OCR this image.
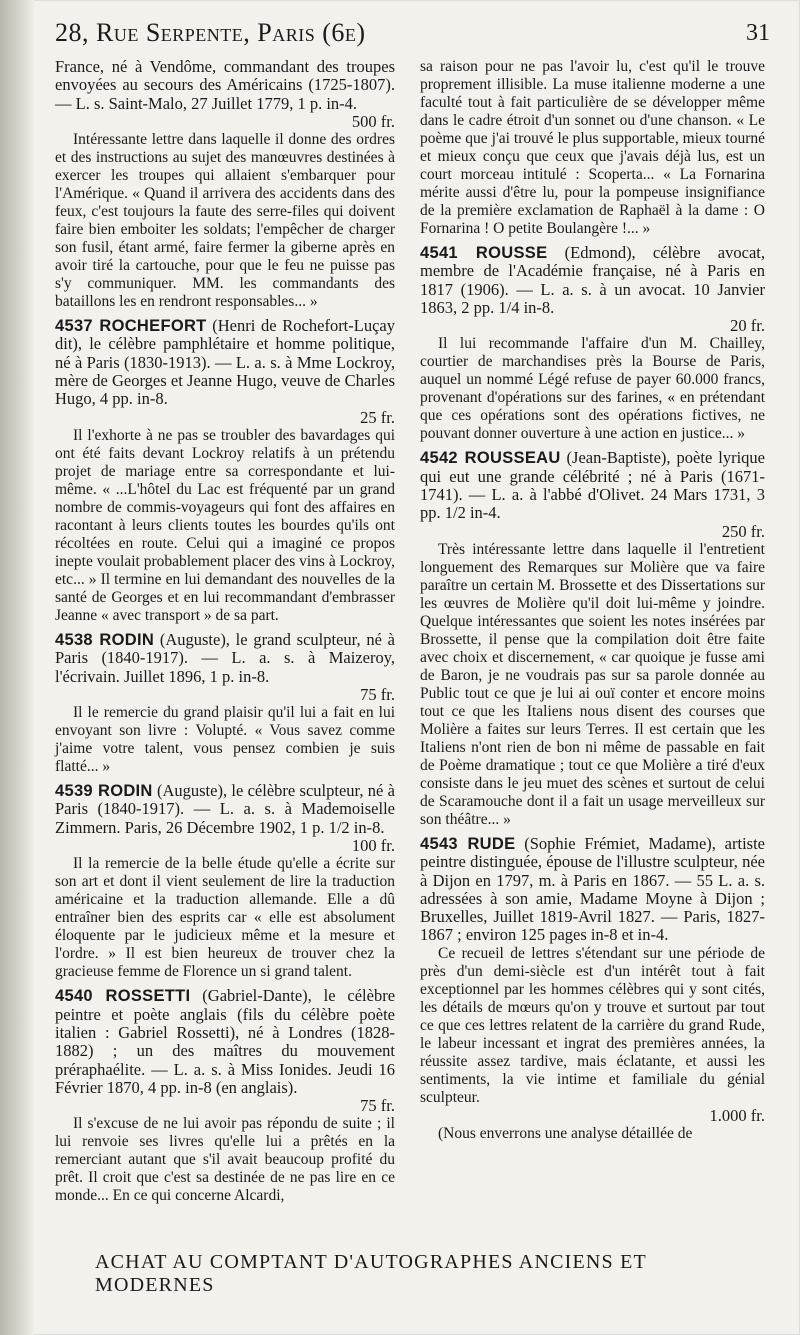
28, Rue Serpente, Paris (6e)	31
France, né à Vendôme, commandant des troupes envoyées au secours des Américains (1725-1807). — L. s. Saint-Malo, 27 Juillet 1779, 1 p. in-4.
500 fr.
Intéressante lettre dans laquelle il donne des ordres et des instructions au sujet des manœuvres destinées à exercer les troupes qui allaient s'embarquer pour l'Amérique. « Quand il arrivera des accidents dans des feux, c'est toujours la faute des serre-files qui doivent faire bien emboiter les soldats; l'empêcher de charger son fusil, étant armé, faire fermer la giberne après en avoir tiré la cartouche, pour que le feu ne puisse pas s'y communiquer. MM. les commandants des bataillons les en rendront responsables... »
4537 ROCHEFORT (Henri de Rochefort-Luçay dit), le célèbre pamphlétaire et homme politique, né à Paris (1830-1913). — L. a. s. à Mme Lockroy, mère de Georges et Jeanne Hugo, veuve de Charles Hugo, 4 pp. in-8.
25 fr.
Il l'exhorte à ne pas se troubler des bavardages qui ont été faits devant Lockroy relatifs à un prétendu projet de mariage entre sa correspondante et lui-même. « ...L'hôtel du Lac est fréquenté par un grand nombre de commis-voyageurs qui font des affaires en racontant à leurs clients toutes les bourdes qu'ils ont récoltées en route. Celui qui a imaginé ce propos inepte voulait probablement placer des vins à Lockroy, etc... » Il termine en lui demandant des nouvelles de la santé de Georges et en lui recommandant d'embrasser Jeanne « avec transport » de sa part.
4538 RODIN (Auguste), le grand sculpteur, né à Paris (1840-1917). — L. a. s. à Maizeroy, l'écrivain. Juillet 1896, 1 p. in-8.
75 fr.
Il le remercie du grand plaisir qu'il lui a fait en lui envoyant son livre : Volupté. « Vous savez comme j'aime votre talent, vous pensez combien je suis flatté... »
4539 RODIN (Auguste), le célèbre sculpteur, né à Paris (1840-1917). — L. a. s. à Mademoiselle Zimmern. Paris, 26 Décembre 1902, 1 p. 1/2 in-8.
100 fr.
Il la remercie de la belle étude qu'elle a écrite sur son art et dont il vient seulement de lire la traduction américaine et la traduction allemande. Elle a dû entraîner bien des esprits car « elle est absolument éloquente par le judicieux même et la mesure et l'ordre. » Il est bien heureux de trouver chez la gracieuse femme de Florence un si grand talent.
4540 ROSSETTI (Gabriel-Dante), le célèbre peintre et poète anglais (fils du célèbre poète italien : Gabriel Rossetti), né à Londres (1828-1882) ; un des maîtres du mouvement préraphaélite. — L. a. s. à Miss Ionides. Jeudi 16 Février 1870, 4 pp. in-8 (en anglais).
75 fr.
Il s'excuse de ne lui avoir pas répondu de suite ; il lui renvoie ses livres qu'elle lui a prêtés en la remerciant autant que s'il avait beaucoup profité du prêt. Il croit que c'est sa destinée de ne pas lire en ce monde... En ce qui concerne Alcardi,
sa raison pour ne pas l'avoir lu, c'est qu'il le trouve proprement illisible. La muse italienne moderne a une faculté tout à fait particulière de se développer même dans le cadre étroit d'un sonnet ou d'une chanson. « Le poème que j'ai trouvé le plus supportable, mieux tourné et mieux conçu que ceux que j'avais déjà lus, est un court morceau intitulé : Scoperta... « La Fornarina mérite aussi d'être lu, pour la pompeuse insignifiance de la première exclamation de Raphaël à la dame : O Fornarina ! O petite Boulangère !... »
4541 ROUSSE (Edmond), célèbre avocat, membre de l'Académie française, né à Paris en 1817 (1906). — L. a. s. à un avocat. 10 Janvier 1863, 2 pp. 1/4 in-8.
20 fr.
Il lui recommande l'affaire d'un M. Chailley, courtier de marchandises près la Bourse de Paris, auquel un nommé Légé refuse de payer 60.000 francs, provenant d'opérations sur des farines, « en prétendant que ces opérations sont des opérations fictives, ne pouvant donner ouverture à une action en justice... »
4542 ROUSSEAU (Jean-Baptiste), poète lyrique qui eut une grande célébrité ; né à Paris (1671-1741). — L. a. à l'abbé d'Olivet. 24 Mars 1731, 3 pp. 1/2 in-4.
250 fr.
Très intéressante lettre dans laquelle il l'entretient longuement des Remarques sur Molière que va faire paraître un certain M. Brossette et des Dissertations sur les œuvres de Molière qu'il doit lui-même y joindre. Quelque intéressantes que soient les notes insérées par Brossette, il pense que la compilation doit être faite avec choix et discernement, « car quoique je fusse ami de Baron, je ne voudrais pas sur sa parole donnée au Public tout ce que je lui ai ouï conter et encore moins tout ce que les Italiens nous disent des courses que Molière a faites sur leurs Terres. Il est certain que les Italiens n'ont rien de bon ni même de passable en fait de Poème dramatique ; tout ce que Molière a tiré d'eux consiste dans le jeu muet des scènes et surtout de celui de Scaramouche dont il a fait un usage merveilleux sur son théâtre... »
4543 RUDE (Sophie Frémiet, Madame), artiste peintre distinguée, épouse de l'illustre sculpteur, née à Dijon en 1797, m. à Paris en 1867. — 55 L. a. s. adressées à son amie, Madame Moyne à Dijon ; Bruxelles, Juillet 1819-Avril 1827. — Paris, 1827-1867 ; environ 125 pages in-8 et in-4.
Ce recueil de lettres s'étendant sur une période de près d'un demi-siècle est d'un intérêt tout à fait exceptionnel par les hommes célèbres qui y sont cités, les détails de mœurs qu'on y trouve et surtout par tout ce que ces lettres relatent de la carrière du grand Rude, le labeur incessant et ingrat des premières années, la réussite assez tardive, mais éclatante, et aussi les sentiments, la vie intime et familiale du génial sculpteur.
1.000 fr.
(Nous enverrons une analyse détaillée de
ACHAT AU COMPTANT D'AUTOGRAPHES ANCIENS ET MODERNES
